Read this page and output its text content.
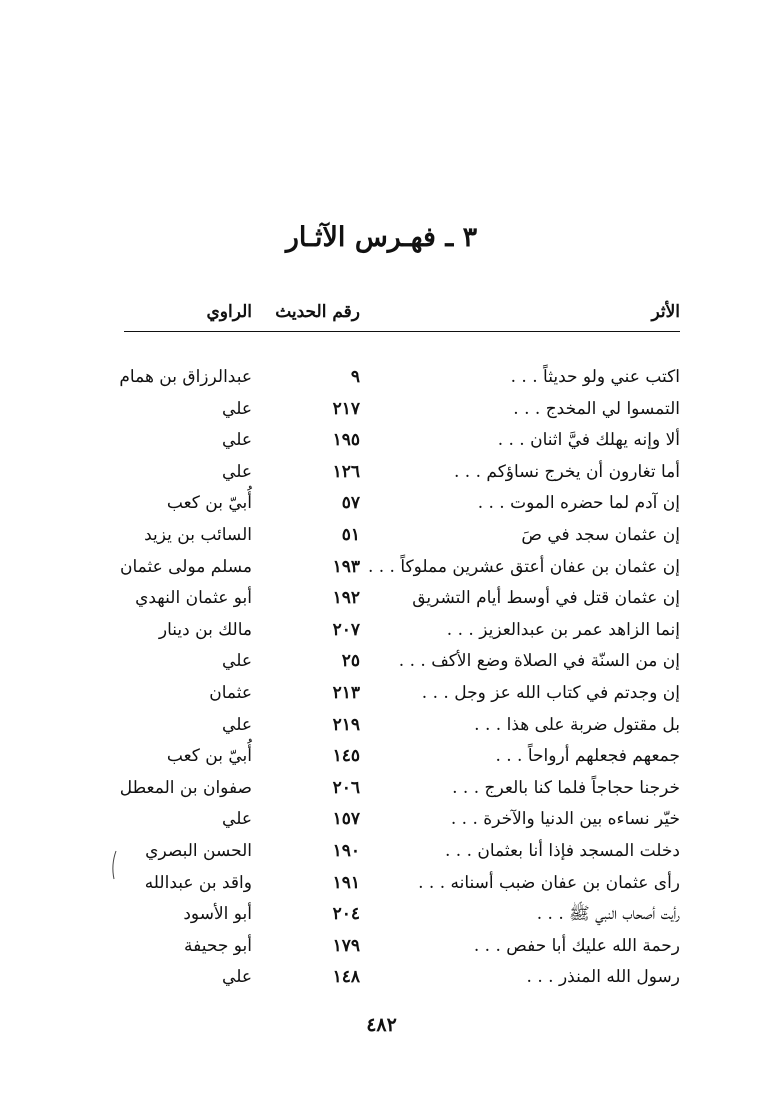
٣ ـ فهـرس الآثـار
الأثر
رقم الحديث
الراوي
اكتب عني ولو حديثاً . . .
٩
عبدالرزاق بن همام
التمسوا لي المخدج . . .
٢١٧
علي
ألا وإنه يهلك فيَّ اثنان . . .
١٩٥
علي
أما تغارون أن يخرج نساؤكم . . .
١٢٦
علي
إن آدم لما حضره الموت . . .
٥٧
أُبيّ بن كعب
إن عثمان سجد في صَ
٥١
السائب بن يزيد
إن عثمان بن عفان أعتق عشرين مملوكاً . . .
١٩٣
مسلم مولى عثمان
إن عثمان قتل في أوسط أيام التشريق
١٩٢
أبو عثمان النهدي
إنما الزاهد عمر بن عبدالعزيز . . .
٢٠٧
مالك بن دينار
إن من السنّة في الصلاة وضع الأكف . . .
٢٥
علي
إن وجدتم في كتاب الله عز وجل . . .
٢١٣
عثمان
بل مقتول ضربة على هذا . . .
٢١٩
علي
جمعهم فجعلهم أرواحاً . . .
١٤٥
أُبيّ بن كعب
خرجنا حجاجاً فلما كنا بالعرج . . .
٢٠٦
صفوان بن المعطل
خيّر نساءه بين الدنيا والآخرة . . .
١٥٧
علي
دخلت المسجد فإذا أنا بعثمان . . .
١٩٠
الحسن البصري
رأى عثمان بن عفان ضبب أسنانه . . .
١٩١
واقد بن عبدالله
رأيت أصحاب النبي ﷺ . . .
٢٠٤
أبو الأسود
رحمة الله عليك أبا حفص . . .
١٧٩
أبو جحيفة
رسول الله المنذر . . .
١٤٨
علي
٤٨٢
